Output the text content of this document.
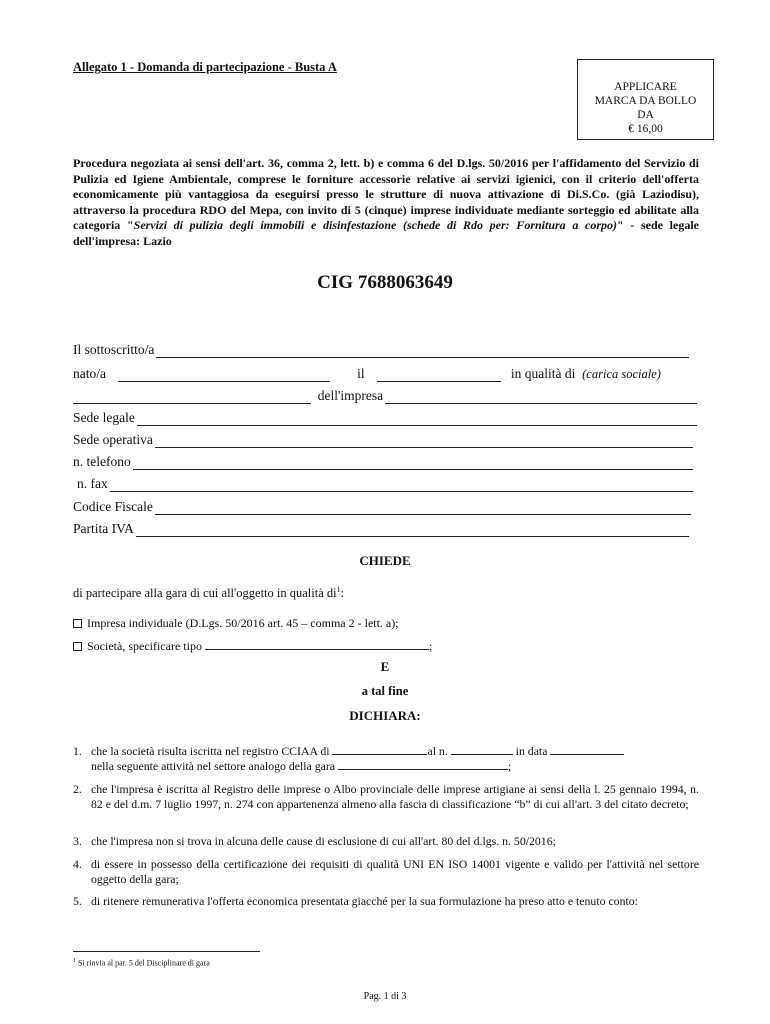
Allegato 1 - Domanda di partecipazione - Busta A
APPLICARE
MARCA DA BOLLO
DA
€ 16,00
Procedura negoziata ai sensi dell'art. 36, comma 2, lett. b) e comma 6 del D.lgs. 50/2016 per l'affidamento del Servizio di Pulizia ed Igiene Ambientale, comprese le forniture accessorie relative ai servizi igienici, con il criterio dell'offerta economicamente più vantaggiosa da eseguirsi presso le strutture di nuova attivazione di Di.S.Co. (già Laziodisu), attraverso la procedura RDO del Mepa, con invito di 5 (cinque) imprese individuate mediante sorteggio ed abilitate alla categoria "Servizi di pulizia degli immobili e disinfestazione (schede di Rdo per: Fornitura a corpo)" - sede legale dell'impresa: Lazio
CIG 7688063649
Il sottoscritto/a
nato/a

	il

	in qualità di
(carica sociale)

dell'impresa
Sede legale
Sede operativa
n. telefono
n. fax
Codice Fiscale
Partita IVA
CHIEDE
di partecipare alla gara di cui all'oggetto in qualità $di^1$:
Impresa individuale (D.Lgs. 50/2016 art. 45 – comma 2 - lett. a);
Società, specificare tipo	;
E
a tal fine
DICHIARA:
1. che la società risulta iscritta nel registro CCIAA di	al n.	in data
nella seguente attività nel settore analogo della gara	;
2. che l'impresa è iscritta al Registro delle imprese o Albo provinciale delle imprese artigiane ai sensi della l. 25 gennaio 1994, n. 82 e del d.m. 7 luglio 1997, n. 274 con appartenenza almeno alla fascia di classificazione “b” di cui all'art. 3 del citato decreto;
3. che l'impresa non si trova in alcuna delle cause di esclusione di cui all'art. 80 del d.lgs. n. 50/2016;
4. di essere in possesso della certificazione dei requisiti di qualità UNI EN ISO 14001 vigente e valido per l'attività nel settore oggetto della gara;
5. di ritenere remunerativa l'offerta economica presentata giacché per la sua formulazione ha preso atto e tenuto conto:
$^1$ Si rinvia al par. 5 del Disciplinare di gara
Pag. 1 di 3
